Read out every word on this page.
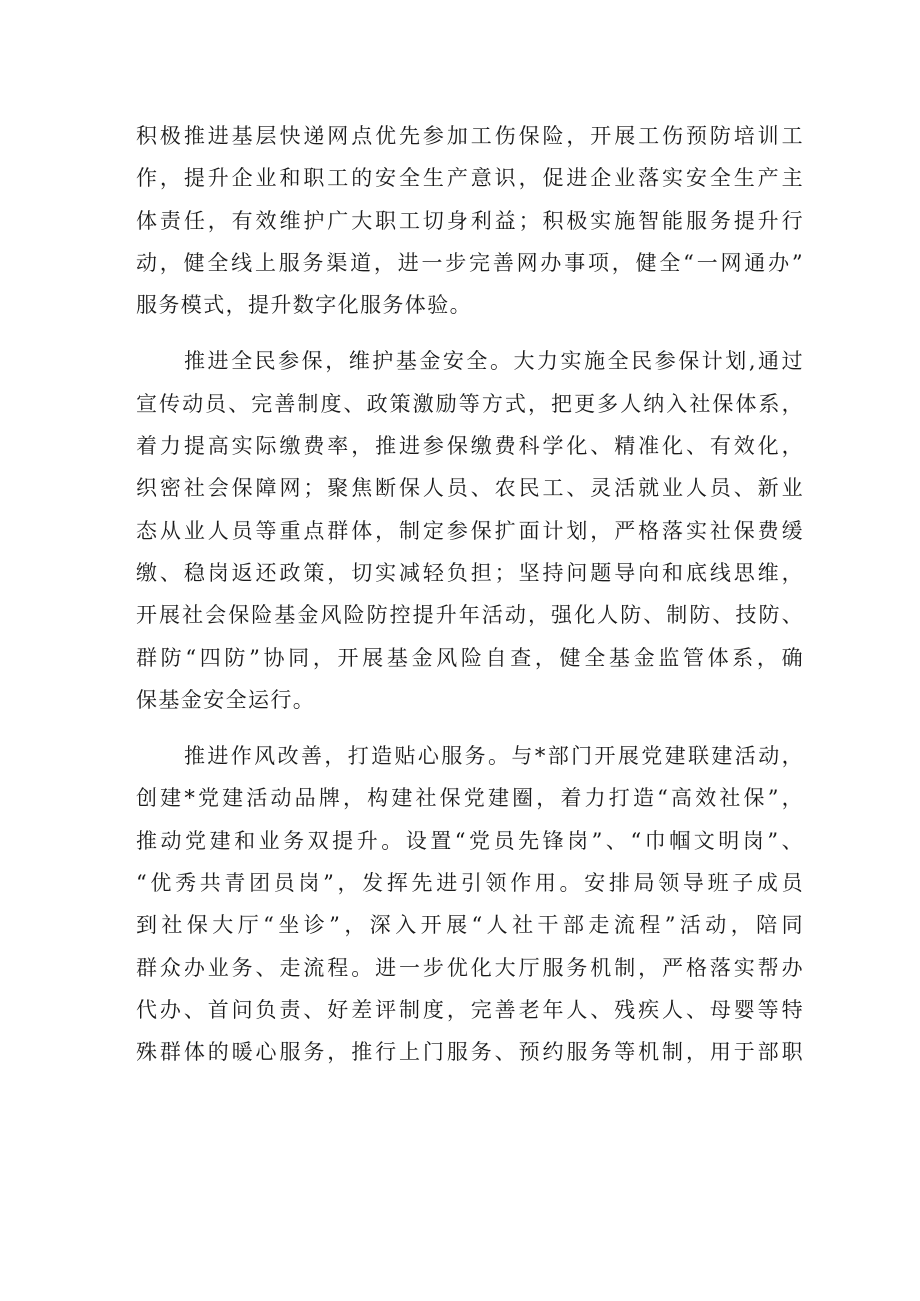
积极推进基层快递网点优先参加工伤保险，开展工伤预防培训工
作，提升企业和职工的安全生产意识，促进企业落实安全生产主
体责任，有效维护广大职工切身利益；积极实施智能服务提升行
动，健全线上服务渠道，进一步完善网办事项，健全“一网通办”
服务模式，提升数字化服务体验。
推进全民参保，维护基金安全。大力实施全民参保计划,通过
宣传动员、完善制度、政策激励等方式，把更多人纳入社保体系，
着力提高实际缴费率，推进参保缴费科学化、精准化、有效化，
织密社会保障网；聚焦断保人员、农民工、灵活就业人员、新业
态从业人员等重点群体，制定参保扩面计划，严格落实社保费缓
缴、稳岗返还政策，切实减轻负担；坚持问题导向和底线思维，
开展社会保险基金风险防控提升年活动，强化人防、制防、技防、
群防“四防”协同，开展基金风险自查，健全基金监管体系，确
保基金安全运行。
推进作风改善，打造贴心服务。与*部门开展党建联建活动，
创建*党建活动品牌，构建社保党建圈，着力打造“高效社保”，
推动党建和业务双提升。设置“党员先锋岗”、“巾帼文明岗”、
“优秀共青团员岗”，发挥先进引领作用。安排局领导班子成员
到社保大厅“坐诊”，深入开展“人社干部走流程”活动，陪同
群众办业务、走流程。进一步优化大厅服务机制，严格落实帮办
代办、首问负责、好差评制度，完善老年人、残疾人、母婴等特
殊群体的暖心服务，推行上门服务、预约服务等机制，用于部职
